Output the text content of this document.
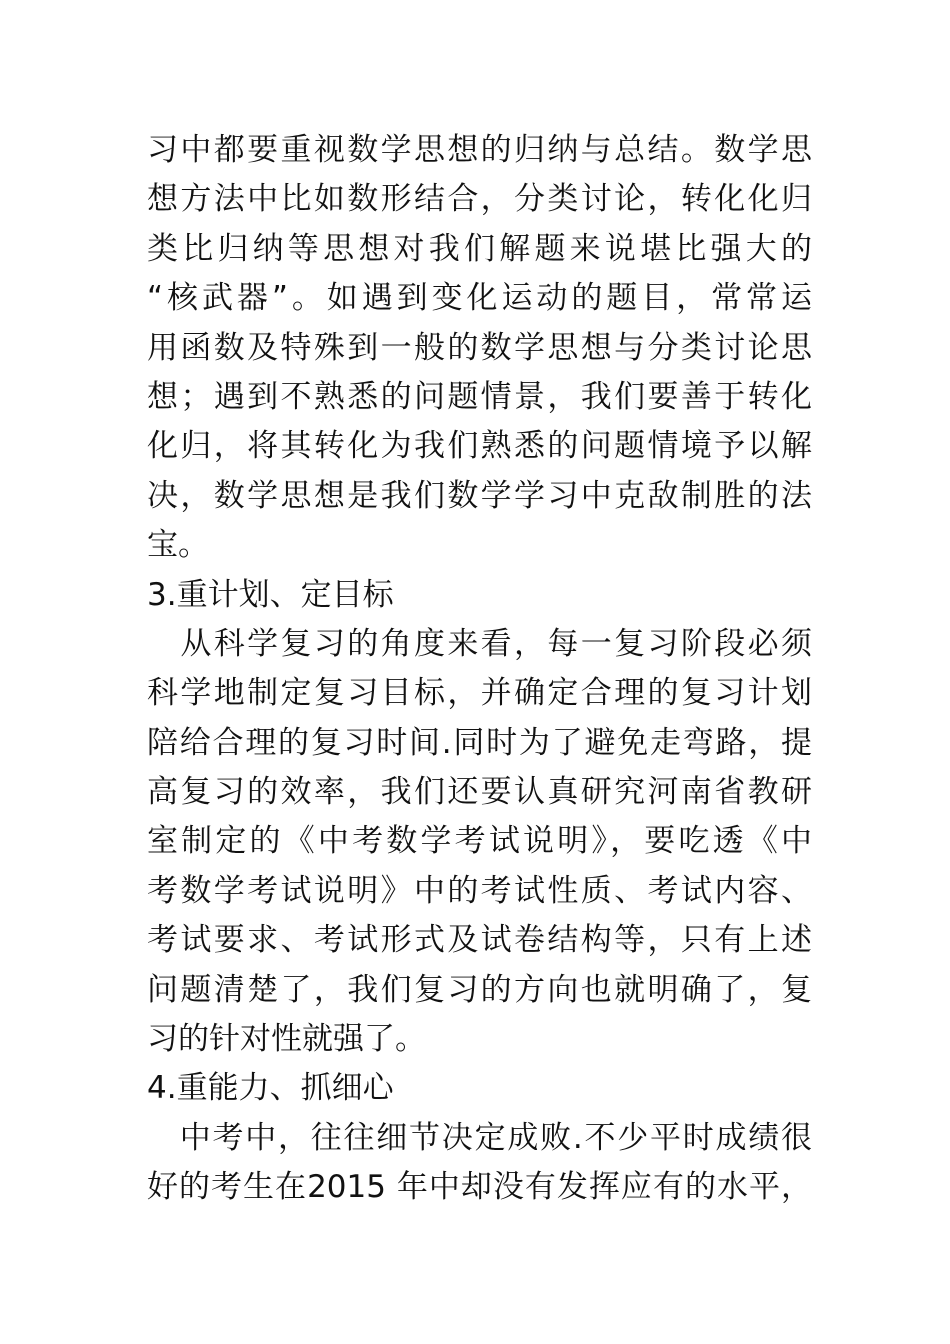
习中都要重视数学思想的归纳与总结。数学思
想方法中比如数形结合，分类讨论，转化化归
类比归纳等思想对我们解题来说堪比强大的
“核武器”。如遇到变化运动的题目，常常运
用函数及特殊到一般的数学思想与分类讨论思
想；遇到不熟悉的问题情景，我们要善于转化
化归，将其转化为我们熟悉的问题情境予以解
决，数学思想是我们数学学习中克敌制胜的法
宝。
3.重计划、定目标
　从科学复习的角度来看，每一复习阶段必须
科学地制定复习目标，并确定合理的复习计划
陪给合理的复习时间.同时为了避免走弯路，提
高复习的效率，我们还要认真研究河南省教研
室制定的《中考数学考试说明》，要吃透《中
考数学考试说明》中的考试性质、考试内容、
考试要求、考试形式及试卷结构等，只有上述
问题清楚了，我们复习的方向也就明确了，复
习的针对性就强了。
4.重能力、抓细心
　中考中，往往细节决定成败.不少平时成绩很
好的考生在2015 年中却没有发挥应有的水平，
